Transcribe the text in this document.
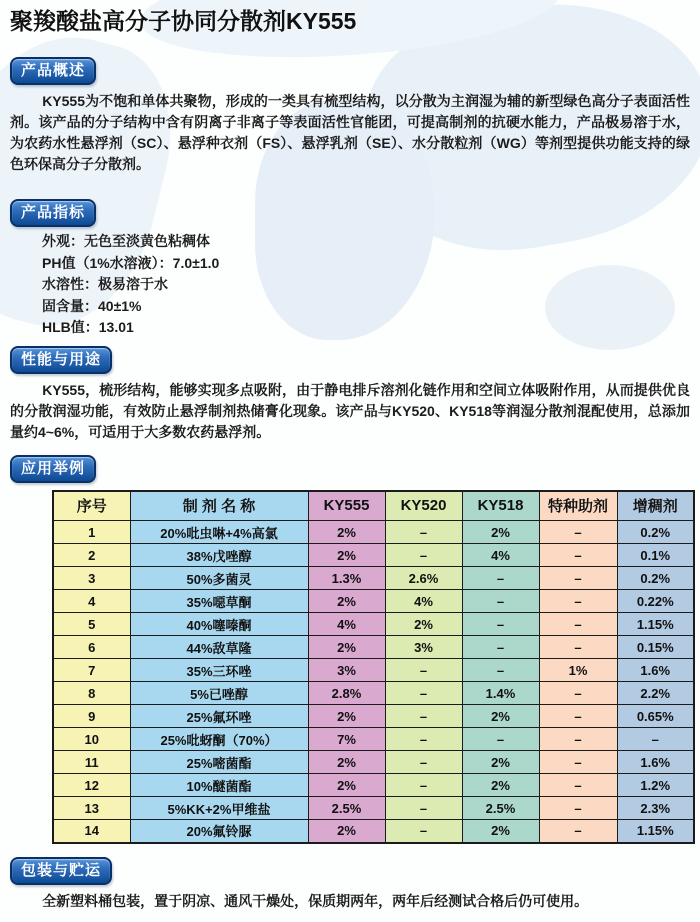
聚羧酸盐高分子协同分散剂KY555
产品概述

KY555为不饱和单体共聚物，形成的一类具有梳型结构，以分散为主润湿为辅的新型绿色高分子表面活性剂。该产品的分子结构中含有阴离子非离子等表面活性官能团，可提高制剂的抗硬水能力，产品极易溶于水，为农药水性悬浮剂（SC）、悬浮种衣剂（FS）、悬浮乳剂（SE）、水分散粒剂（WG）等剂型提供功能支持的绿色环保高分子分散剂。

产品指标
外观：无色至淡黄色粘稠体
PH值（1%水溶液）：7.0±1.0
水溶性：极易溶于水
固含量：40±1%
HLB值：13.01
性能与用途

KY555，梳形结构，能够实现多点吸附，由于静电排斥溶剂化链作用和空间立体吸附作用，从而提供优良的分散润湿功能，有效防止悬浮制剂热储膏化现象。该产品与KY520、KY518等润湿分散剂混配使用，总添加量约4~6%，可适用于大多数农药悬浮剂。

应用举例
序号	制 剂 名 称	KY555	KY520	KY518	特种助剂	增稠剂
1	20%吡虫啉+4%高氯	2%	–	2%	–	0.2%
2	38%戊唑醇	2%	–	4%	–	0.1%
3	50%多菌灵	1.3%	2.6%	–	–	0.2%
4	35%噁草酮	2%	4%	–	–	0.22%
5	40%噻嗪酮	4%	2%	–	–	1.15%
6	44%敌草隆	2%	3%	–	–	0.15%
7	35%三环唑	3%	–	–	1%	1.6%
8	5%已唑醇	2.8%	–	1.4%	–	2.2%
9	25%氟环唑	2%	–	2%	–	0.65%
10	25%吡蚜酮（70%）	7%	–	–	–	–
11	25%嘧菌酯	2%	–	2%	–	1.6%
12	10%醚菌酯	2%	–	2%	–	1.2%
13	5%KK+2%甲维盐	2.5%	–	2.5%	–	2.3%
14	20%氟铃脲	2%	–	2%	–	1.15%
包装与贮运

全新塑料桶包装，置于阴凉、通风干燥处，保质期两年，两年后经测试合格后仍可使用。
